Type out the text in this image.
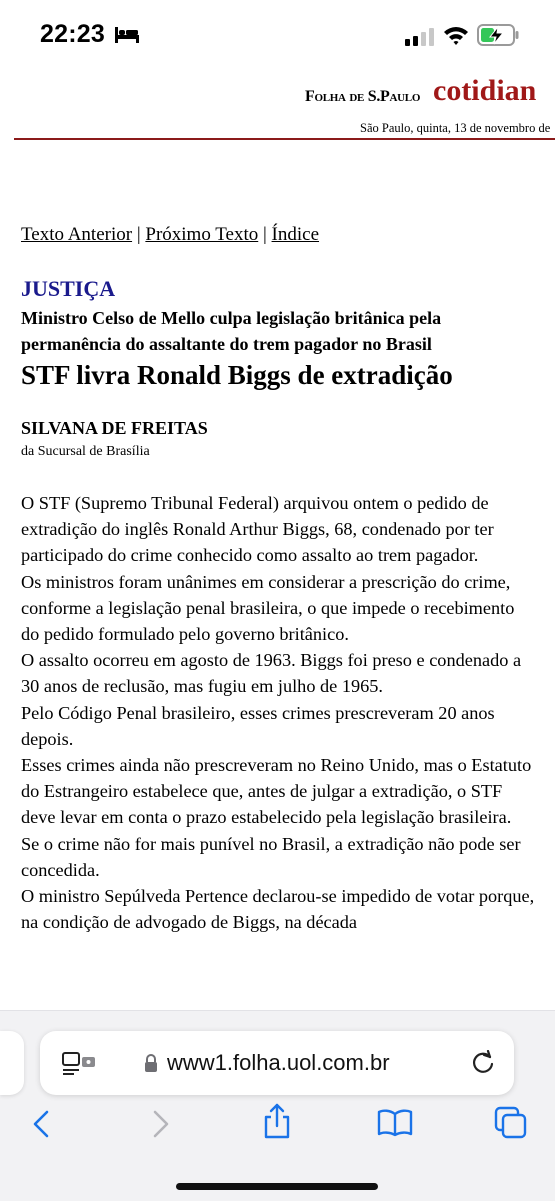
22:23
Folha de S.Paulo cotidian
São Paulo, quinta, 13 de novembro de
Texto Anterior | Próximo Texto | Índice
JUSTIÇA
Ministro Celso de Mello culpa legislação britânica pela permanência do assaltante do trem pagador no Brasil
STF livra Ronald Biggs de extradição
SILVANA DE FREITAS
da Sucursal de Brasília

O STF (Supremo Tribunal Federal) arquivou ontem o pedido de extradição do inglês Ronald Arthur Biggs, 68, condenado por ter participado do crime conhecido como assalto ao trem pagador.

Os ministros foram unânimes em considerar a prescrição do crime, conforme a legislação penal brasileira, o que impede o recebimento do pedido formulado pelo governo britânico.

O assalto ocorreu em agosto de 1963. Biggs foi preso e condenado a 30 anos de reclusão, mas fugiu em julho de 1965.

Pelo Código Penal brasileiro, esses crimes prescreveram 20 anos depois.

Esses crimes ainda não prescreveram no Reino Unido, mas o Estatuto do Estrangeiro estabelece que, antes de julgar a extradição, o STF deve levar em conta o prazo estabelecido pela legislação brasileira.

Se o crime não for mais punível no Brasil, a extradição não pode ser concedida.

O ministro Sepúlveda Pertence declarou-se impedido de votar porque, na condição de advogado de Biggs, na década

www1.folha.uol.com.br
